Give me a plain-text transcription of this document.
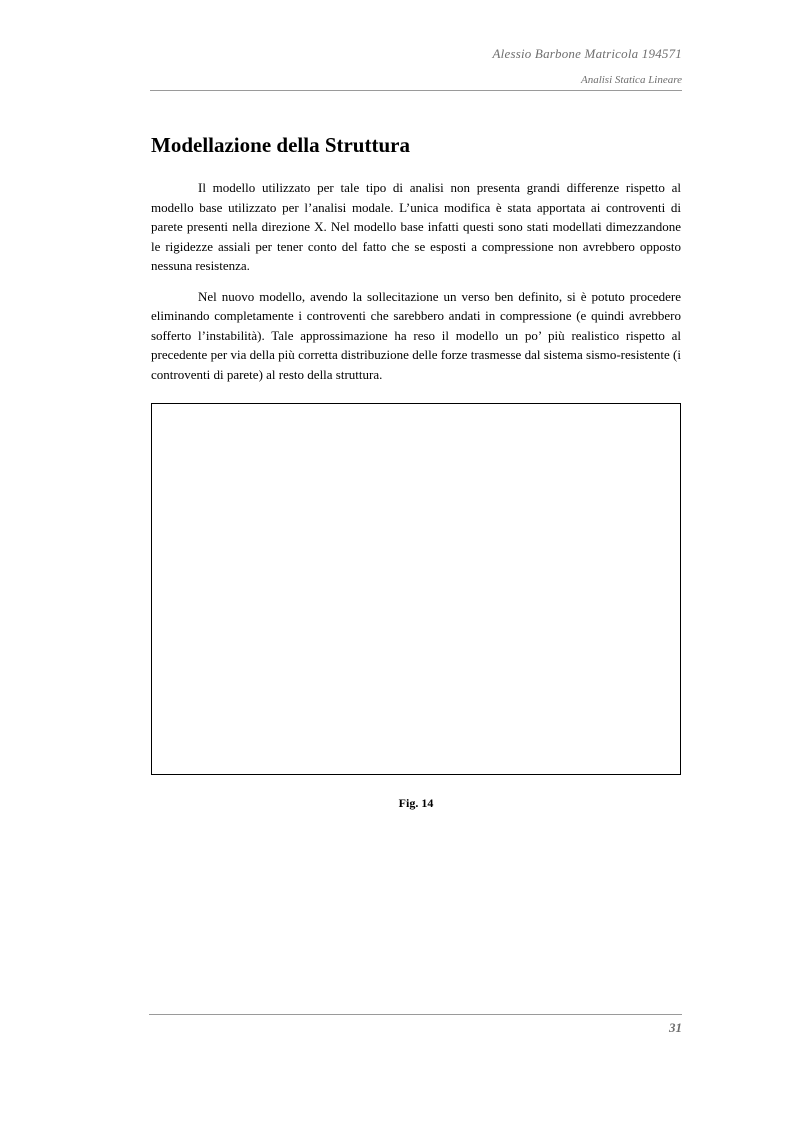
Alessio Barbone Matricola 194571
Analisi Statica Lineare
Modellazione della Struttura

Il modello utilizzato per tale tipo di analisi non presenta grandi differenze rispetto al modello base utilizzato per l’analisi modale. L’unica modifica è stata apportata ai controventi di parete presenti nella direzione X. Nel modello base infatti questi sono stati modellati dimezzandone le rigidezze assiali per tener conto del fatto che se esposti a compressione non avrebbero opposto nessuna resistenza.

Nel nuovo modello, avendo la sollecitazione un verso ben definito, si è potuto procedere eliminando completamente i controventi che sarebbero andati in compressione (e quindi avrebbero sofferto l’instabilità). Tale approssimazione ha reso il modello un po’ più realistico rispetto al precedente per via della più corretta distribuzione delle forze trasmesse dal sistema sismo-resistente (i controventi di parete) al resto della struttura.

Fig. 14
31
